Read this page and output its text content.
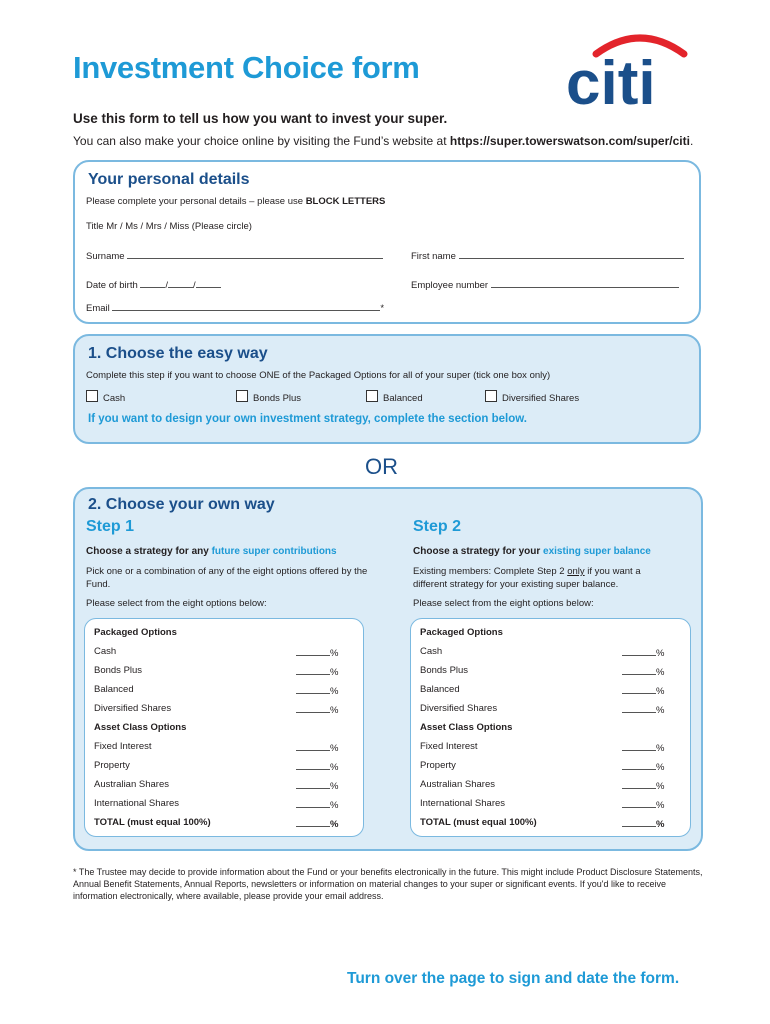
Investment Choice form citi
Use this form to tell us how you want to invest your super.
You can also make your choice online by visiting the Fund’s website at https://super.towerswatson.com/super/citi.
Your personal details
Please complete your personal details – please use BLOCK LETTERS
Title Mr / Ms / Mrs / Miss (Please circle)
Surname	First name
Date of birth	/	/	Employee number
Email	*
1. Choose the easy way
Complete this step if you want to choose ONE of the Packaged Options for all of your super (tick one box only)
Cash	Bonds Plus	Balanced	Diversified Shares
If you want to design your own investment strategy, complete the section below.
OR
2. Choose your own way
Step 1	Step 2
Choose a strategy for any future super contributions	Choose a strategy for your existing super balance
Pick one or a combination of any of the eight options offered by the Fund.
Existing members: Complete Step 2 only if you want a different strategy for your existing super balance.
Please select from the eight options below:	Please select from the eight options below:
Packaged Options
Cash	%
Bonds Plus	%
Balanced	%
Diversified Shares	%
Asset Class Options
Fixed Interest	%
Property	%
Australian Shares	%
International Shares	%
TOTAL (must equal 100%)	%
Packaged Options
Cash	%
Bonds Plus	%
Balanced	%
Diversified Shares	%
Asset Class Options
Fixed Interest	%
Property	%
Australian Shares	%
International Shares	%
TOTAL (must equal 100%)	%
* The Trustee may decide to provide information about the Fund or your benefits electronically in the future. This might include Product Disclosure Statements, Annual Benefit Statements, Annual Reports, newsletters or information on material changes to your super or significant events. If you'd like to receive information electronically, where available, please provide your email address.
Turn over the page to sign and date the form.
